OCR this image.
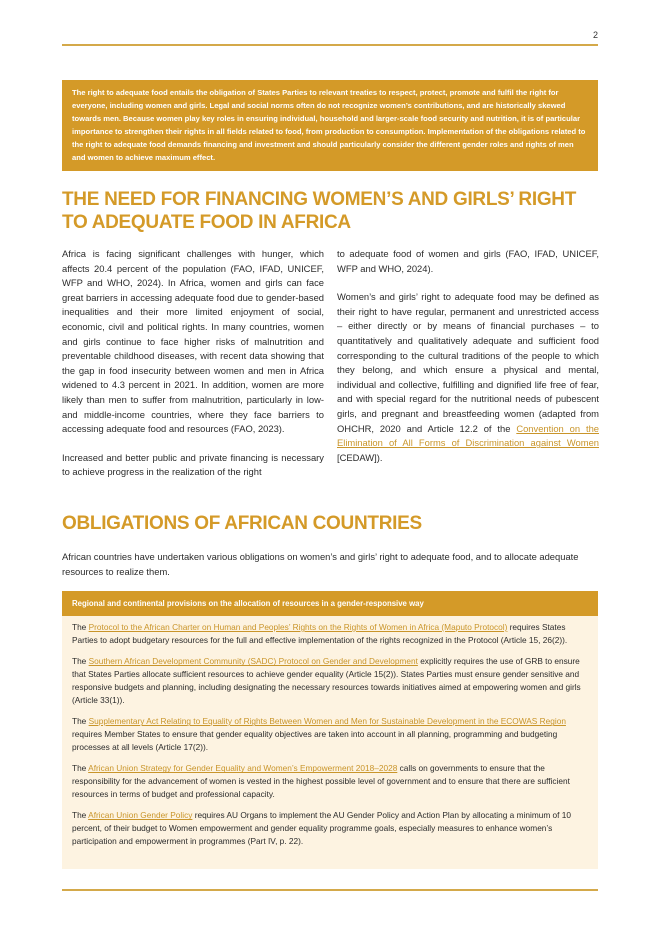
2
The right to adequate food entails the obligation of States Parties to relevant treaties to respect, protect, promote and fulfil the right for everyone, including women and girls. Legal and social norms often do not recognize women’s contributions, and are historically skewed towards men. Because women play key roles in ensuring individual, household and larger-scale food security and nutrition, it is of particular importance to strengthen their rights in all fields related to food, from production to consumption. Implementation of the obligations related to the right to adequate food demands financing and investment and should particularly consider the different gender roles and rights of men and women to achieve maximum effect.
THE NEED FOR FINANCING WOMEN’S AND GIRLS’ RIGHT TO ADEQUATE FOOD IN AFRICA

Africa is facing significant challenges with hunger, which affects 20.4 percent of the population (FAO, IFAD, UNICEF, WFP and WHO, 2024). In Africa, women and girls can face great barriers in accessing adequate food due to gender-based inequalities and their more limited enjoyment of social, economic, civil and political rights. In many countries, women and girls continue to face higher risks of malnutrition and preventable childhood diseases, with recent data showing that the gap in food insecurity between women and men in Africa widened to 4.3 percent in 2021. In addition, women are more likely than men to suffer from malnutrition, particularly in low- and middle-income countries, where they face barriers to accessing adequate food and resources (FAO, 2023).

Increased and better public and private financing is necessary to achieve progress in the realization of the right

to adequate food of women and girls (FAO, IFAD, UNICEF, WFP and WHO, 2024).

Women’s and girls’ right to adequate food may be defined as their right to have regular, permanent and unrestricted access – either directly or by means of financial purchases – to quantitatively and qualitatively adequate and sufficient food corresponding to the cultural traditions of the people to which they belong, and which ensure a physical and mental, individual and collective, fulfilling and dignified life free of fear, and with special regard for the nutritional needs of pubescent girls, and pregnant and breastfeeding women (adapted from OHCHR, 2020 and Article 12.2 of the Convention on the Elimination of All Forms of Discrimination against Women [CEDAW]).

OBLIGATIONS OF AFRICAN COUNTRIES
African countries have undertaken various obligations on women’s and girls’ right to adequate food, and to allocate adequate resources to realize them.
Regional and continental provisions on the allocation of resources in a gender-responsive way

The Protocol to the African Charter on Human and Peoples’ Rights on the Rights of Women in Africa (Maputo Protocol) requires States Parties to adopt budgetary resources for the full and effective implementation of the rights recognized in the Protocol (Article 15, 26(2)).

The Southern African Development Community (SADC) Protocol on Gender and Development explicitly requires the use of GRB to ensure that States Parties allocate sufficient resources to achieve gender equality (Article 15(2)). States Parties must ensure gender sensitive and responsive budgets and planning, including designating the necessary resources towards initiatives aimed at empowering women and girls (Article 33(1)).

The Supplementary Act Relating to Equality of Rights Between Women and Men for Sustainable Development in the ECOWAS Region requires Member States to ensure that gender equality objectives are taken into account in all planning, programming and budgeting processes at all levels (Article 17(2)).

The African Union Strategy for Gender Equality and Women’s Empowerment 2018–2028 calls on governments to ensure that the responsibility for the advancement of women is vested in the highest possible level of government and to ensure that there are sufficient resources in terms of budget and professional capacity.

The African Union Gender Policy requires AU Organs to implement the AU Gender Policy and Action Plan by allocating a minimum of 10 percent, of their budget to Women empowerment and gender equality programme goals, especially measures to enhance women’s participation and empowerment in programmes (Part IV, p. 22).
